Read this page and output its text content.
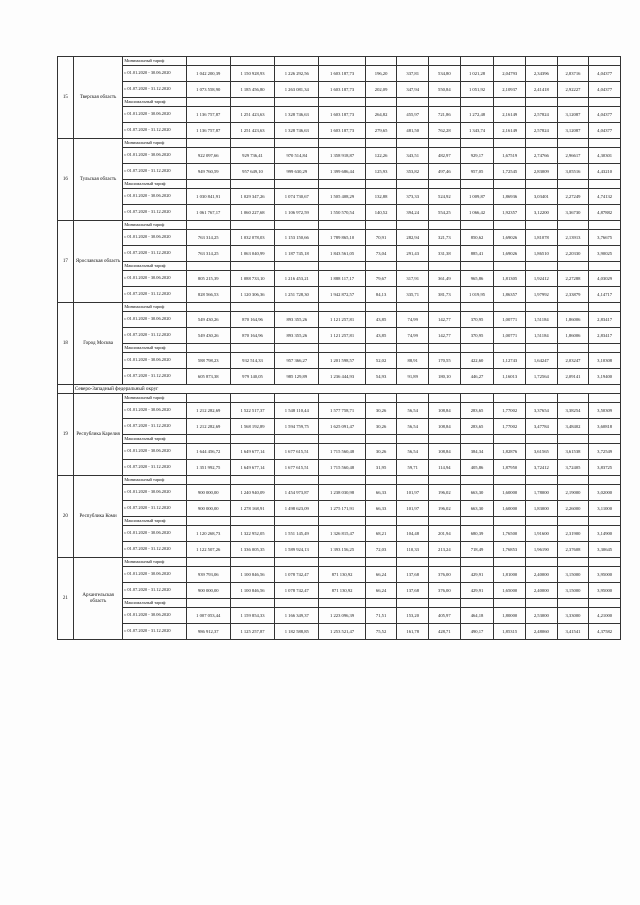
15	Тверская область	Минимальный тариф												
		с 01.01.2020 - 30.06.2020	1 042 200,39	1 150 928,93	1 226 292,56	1 603 187,73	196,20	337,81	534,80	1 021,28	2,04793	2,34396	2,83716	4,04377
		с 01.07.2020 - 31.12.2020	1 073 558,90	1 185 456,80	1 263 081,34	1 603 187,73	202,09	347,94	550,84	1 051,92	2,10937	2,41418	2,92227	4,04377
		Максимальный тариф												
		с 01.01.2020 - 30.06.2020	1 136 757,87	1 251 423,63	1 328 746,63	1 603 187,73	264,82	455,97	721,86	1 272,48	2,16149	2,57824	3,12087	4,04377
		с 01.07.2020 - 31.12.2020	1 136 757,87	1 251 423,63	1 328 746,63	1 603 187,73	279,65	481,50	762,28	1 343,74	2,16149	2,57824	3,12087	4,04377
16	Тульская область	Минимальный тариф												
		с 01.01.2020 - 30.06.2020	922 097,66	929 736,41	970 514,84	1 358 918,87	122,26	343,51	482,97	929,17	1,67519	2,74766	2,96617	4,30301
		с 01.07.2020 - 31.12.2020	949 760,59	957 649,10	999 630,29	1 399 686,44	125,93	353,82	497,46	957,05	1,72545	2,83009	3,05516	4,43210
		Максимальный тариф												
		с 01.01.2020 - 30.06.2020	1 030 841,91	1 029 347,26	1 074 730,67	1 505 408,29	132,88	373,33	524,92	1 009,87	1,86936	3,03401	2,27249	4,74132
		с 01.07.2020 - 31.12.2020	1 061 767,17	1 060 227,68	1 106 972,59	1 550 570,54	140,52	394,24	554,25	1 066,42	1,92357	3,12200	3,36730	4,87882
17	Ярославская область	Минимальный тариф												
		с 01.01.2020 - 30.06.2020	763 314,25	1 032 078,03	1 153 150,66	1 789 865,10	70,91	282,94	321,73	850,62	1,69026	1,81078	2,13913	3,76675
		с 01.07.2020 - 31.12.2020	763 314,25	1 063 040,99	1 187 745,18	1 843 561,05	73,04	291,43	331,38	885,41	1,69026	1,86510	2,20330	3,90025
		Максимальный тариф												
		с 01.01.2020 - 30.06.2020	805 215,39	1 088 733,10	1 216 453,21	1 888 117,17	79,67	317,91	361,49	965,86	1,81305	1,92412	2,27288	4,03029
		с 01.07.2020 - 31.12.2020	828 566,53	1 120 306,36	1 251 728,30	1 942 872,57	84,13	335,71	381,73	1 019,95	1,86357	1,97992	2,33879	4,14717
18	Город Москва	Минимальный тариф												
		с 01.01.2020 - 30.06.2020	549 430,26	870 164,96	893 355,26	1 121 257,81	43,85	74,99	142,77	370,95	1,00771	1,51184	1,86006	2,83417
		с 01.07.2020 - 31.12.2020	549 430,26	870 164,96	893 355,26	1 121 257,81	43,85	74,99	142,77	370,95	1,00771	1,51184	1,86006	2,83417
		Максимальный тариф												
		с 01.01.2020 - 30.06.2020	588 798,23	932 514,33	957 366,27	1 201 598,57	52,02	88,91	170,55	422,60	1,12743	1,64247	2,03247	3,10308
		с 01.07.2020 - 31.12.2020	605 873,38	979 140,05	985 129,89	1 236 444,93	54,93	91,89	180,10	446,27	1,16013	1,72564	2,09141	3,19400
	Северо-Западный федеральный округ													
19	Республика Карелия	Минимальный тариф												
		с 01.01.2020 - 30.06.2020	1 212 282,69	1 522 517,37	1 548 110,44	1 577 758,71	30,26	56,54	108,84	283,65	1,77002	3,37654	3,38254	3,50309
		с 01.07.2020 - 31.12.2020	1 212 282,69	1 568 192,89	1 594 759,75	1 625 091,47	30,26	56,54	108,84	283,65	1,77002	3,47784	3,48402	3,60818
		Максимальный тариф												
		с 01.01.2020 - 30.06.2020	1 644 456,72	1 649 677,14	1 677 615,51	1 715 560,48	30,26	56,54	108,84	384,34	1,82876	3,61565	3,61538	3,72549
		с 01.07.2020 - 31.12.2020	1 351 992,75	1 649 677,14	1 677 615,51	1 715 560,48	31,95	59,71	114,94	405,86	1,87950	3,72412	3,72405	3,83725
20	Республика Коми	Минимальный тариф												
		с 01.01.2020 - 30.06.2020	900 000,00	1 240 940,09	1 454 973,87	1 238 030,98	66,33	101,97	196,02	663,30	1,60000	1,78000	2,19000	3,02000
		с 01.07.2020 - 31.12.2020	900 000,00	1 278 168,91	1 498 623,09	1 275 171,91	66,33	101,97	196,02	663,30	1,60000	1,83000	2,26000	3,11000
		Максимальный тариф												
		с 01.01.2020 - 30.06.2020	1 120 268,73	1 322 952,05	1 551 145,49	1 326 815,47	68,21	104,48	201,94	680,39	1,76500	1,91600	2,31900	3,14900
		с 01.07.2020 - 31.12.2020	1 122 507,26	1 336 005,35	1 589 924,13	1 393 156,25	72,03	110,33	213,24	718,49	1,76853	1,96190	2,37608	3,30645
21	Архангельская область	Минимальный тариф												
		с 01.01.2020 - 30.06.2020	939 793,06	1 100 846,56	1 078 742,47	871 130,92	66,24	137,68	376,00	429,91	1,81000	2,40000	3,15000	3,95000
		с 01.07.2020 - 31.12.2020	900 000,00	1 100 846,56	1 078 742,47	871 130,92	66,24	137,68	376,00	429,91	1,65000	2,40000	3,15000	3,95000
		Максимальный тариф												
		с 01.01.2020 - 30.06.2020	1 007 053,44	1 159 854,33	1 166 349,37	1 223 096,39	71,51	153,20	405,97	464,18	1,80000	2,53000	3,33000	4,21000
		с 01.07.2020 - 31.12.2020	986 912,37	1 125 257,87	1 182 588,85	1 253 521,47	75,52	161,78	428,71	490,17	1,85315	2,48060	3,41541	4,37582
